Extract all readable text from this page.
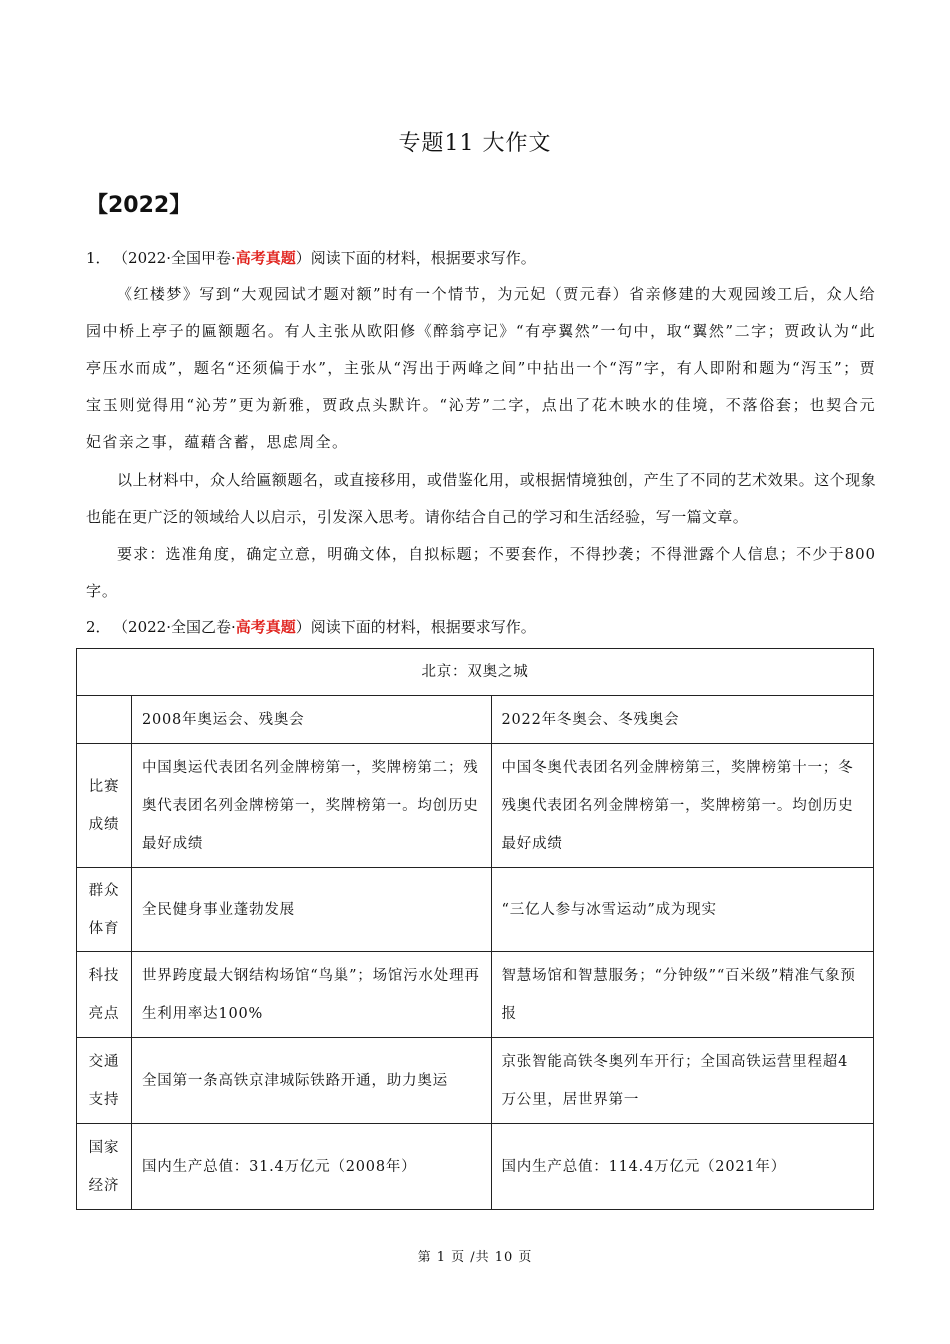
专题11 大作文
【2022】
1． （2022·全国甲卷·高考真题）阅读下面的材料，根据要求写作。
《红楼梦》写到“大观园试才题对额”时有一个情节，为元妃（贾元春）省亲修建的大观园竣工后，众人给园中桥上亭子的匾额题名。有人主张从欧阳修《醉翁亭记》“有亭翼然”一句中，取“翼然”二字；贾政认为“此亭压水而成”，题名“还须偏于水”，主张从“泻出于两峰之间”中拈出一个“泻”字，有人即附和题为“泻玉”；贾宝玉则觉得用“沁芳”更为新雅，贾政点头默许。“沁芳”二字，点出了花木映水的佳境，不落俗套；也契合元妃省亲之事，蕴藉含蓄，思虑周全。
以上材料中，众人给匾额题名，或直接移用，或借鉴化用，或根据情境独创，产生了不同的艺术效果。这个现象也能在更广泛的领域给人以启示，引发深入思考。请你结合自己的学习和生活经验，写一篇文章。
要求：选准角度，确定立意，明确文体，自拟标题；不要套作，不得抄袭；不得泄露个人信息；不少于800字。
2． （2022·全国乙卷·高考真题）阅读下面的材料，根据要求写作。
北京：双奥之城		
	2008年奥运会、残奥会	2022年冬奥会、冬残奥会
比赛成绩	中国奥运代表团名列金牌榜第一，奖牌榜第二；残奥代表团名列金牌榜第一，奖牌榜第一。均创历史最好成绩	中国冬奥代表团名列金牌榜第三，奖牌榜第十一；冬残奥代表团名列金牌榜第一，奖牌榜第一。均创历史最好成绩
群众体育	全民健身事业蓬勃发展	“三亿人参与冰雪运动”成为现实
科技亮点	世界跨度最大钢结构场馆“鸟巢”；场馆污水处理再生利用率达100%	智慧场馆和智慧服务；“分钟级”“百米级”精准气象预报
交通支持	全国第一条高铁京津城际铁路开通，助力奥运	京张智能高铁冬奥列车开行；全国高铁运营里程超4万公里，居世界第一
国家经济	国内生产总值：31.4万亿元（2008年）	国内生产总值：114.4万亿元（2021年）
第 1 页 /共 10 页
